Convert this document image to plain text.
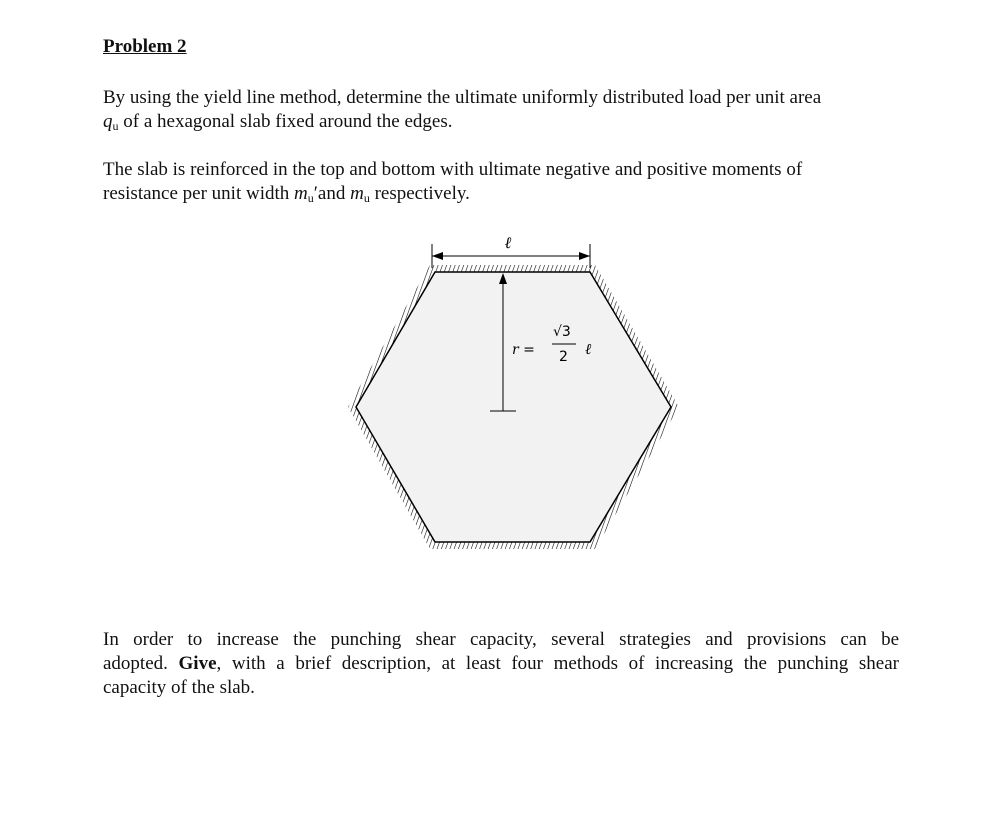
Problem 2
By using the yield line method, determine the ultimate uniformly distributed load per unit area
$q_u$ of a hexagonal slab fixed around the edges.
The slab is reinforced in the top and bottom with ultimate negative and positive moments of
resistance per unit width $m_u'and$ $m_u$ respectively.
ℓ
r =
√3
2 ℓ
In order to increase the punching shear capacity, several strategies and provisions can be
adopted. Give, with a brief description, at least four methods of increasing the punching shear
capacity of the slab.
